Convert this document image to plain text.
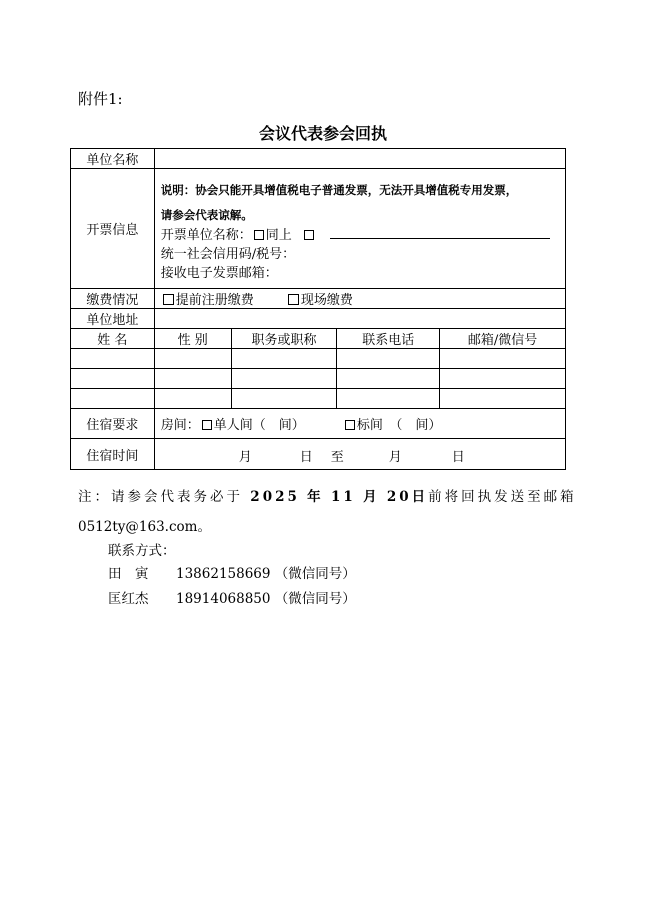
附件1:
会议代表参会回执
单位名称				
开票信息	说明：协会只能开具增值税电子普通发票，无法开具增值税专用发票，
请参会代表谅解。
开票单位名称： 同上
统一社会信用码/税号：
接收电子发票邮箱：			

缴费情况	提前注册缴费 现场缴费			
单位地址				
姓 名	性 别	职务或职称	联系电话	邮箱/微信号

住宿要求	房间： 单人间（　间） 标间　（　间）			
住宿时间	月 日 至 月 日			
注：请参会代表务必于 2025 年 11 月 20日前将回执发送至邮箱
0512ty@163.com。
联系方式：
田　寅 13862158669 （微信同号）
匡红杰 18914068850 （微信同号）
